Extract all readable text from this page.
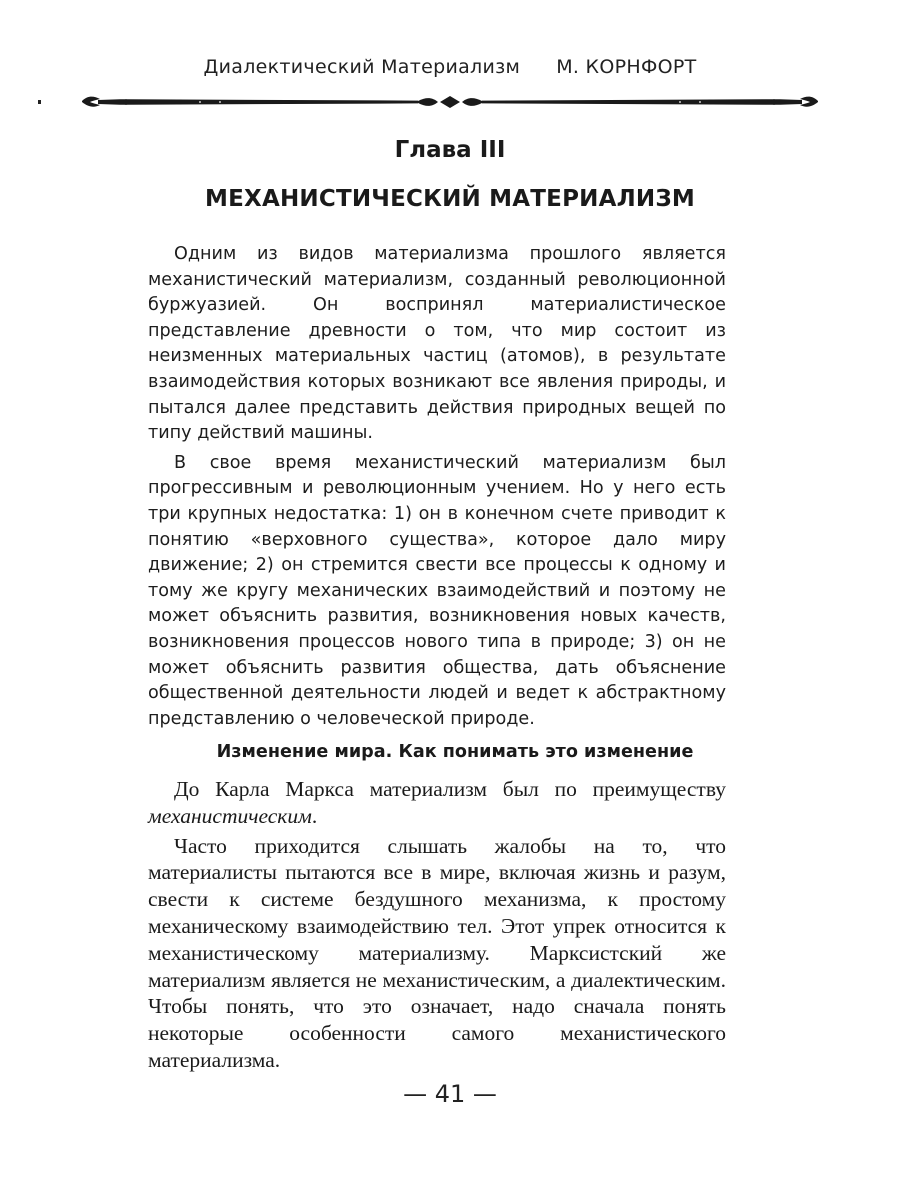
Диалектический Материализм М. КОРНФОРТ
Глава III
МЕХАНИСТИЧЕСКИЙ МАТЕРИАЛИЗМ

Одним из видов материализма прошлого является механистический материализм, созданный революционной буржуазией. Он воспринял материалистическое представление древности о том, что мир состоит из неизменных материальных частиц (атомов), в результате взаимодействия которых возникают все явления природы, и пытался далее представить действия природных вещей по типу действий машины.

В свое время механистический материализм был прогрессивным и революционным учением. Но у него есть три крупных недостатка: 1) он в конечном счете приводит к понятию «верховного существа», которое дало миру движение; 2) он стремится свести все процессы к одному и тому же кругу механических взаимодействий и поэтому не может объяснить развития, возникновения новых качеств, возникновения процессов нового типа в природе; 3) он не может объяснить развития общества, дать объяснение общественной деятельности людей и ведет к абстрактному представлению о человеческой природе.

Изменение мира. Как понимать это изменение

До Карла Маркса материализм был по преимуществу механистическим.

Часто приходится слышать жалобы на то, что материалисты пытаются все в мире, включая жизнь и разум, свести к системе бездушного механизма, к простому механическому взаимодействию тел. Этот упрек относится к механистическому материализму. Марксистский же материализм является не механистическим, а диалектическим. Чтобы понять, что это означает, надо сначала понять некоторые особенности самого механистического материализма.

— 41 —
